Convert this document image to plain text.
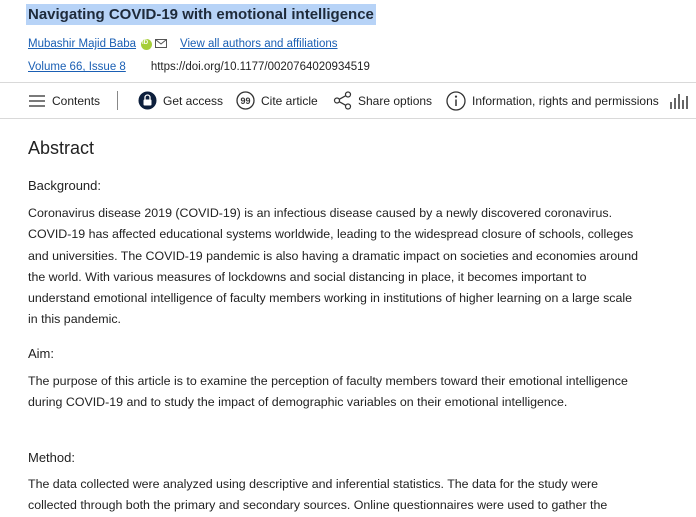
Navigating COVID-19 with emotional intelligence
Mubashir Majid Baba
iD	View all authors and affiliations
Volume 66, Issue 8 https://doi.org/10.1177/0020764020934519
Contents	Get access 99 Cite article	Share options	Information, rights and permissions
Abstract

Background:

Coronavirus disease 2019 (COVID-19) is an infectious disease caused by a newly discovered coronavirus. COVID-19 has affected educational systems worldwide, leading to the widespread closure of schools, colleges and universities. The COVID-19 pandemic is also having a dramatic impact on societies and economies around the world. With various measures of lockdowns and social distancing in place, it becomes important to understand emotional intelligence of faculty members working in institutions of higher learning on a large scale in this pandemic.

Aim:

The purpose of this article is to examine the perception of faculty members toward their emotional intelligence during COVID-19 and to study the impact of demographic variables on their emotional intelligence.

Method:

The data collected were analyzed using descriptive and inferential statistics. The data for the study were collected through both the primary and secondary sources. Online questionnaires were used to gather the
